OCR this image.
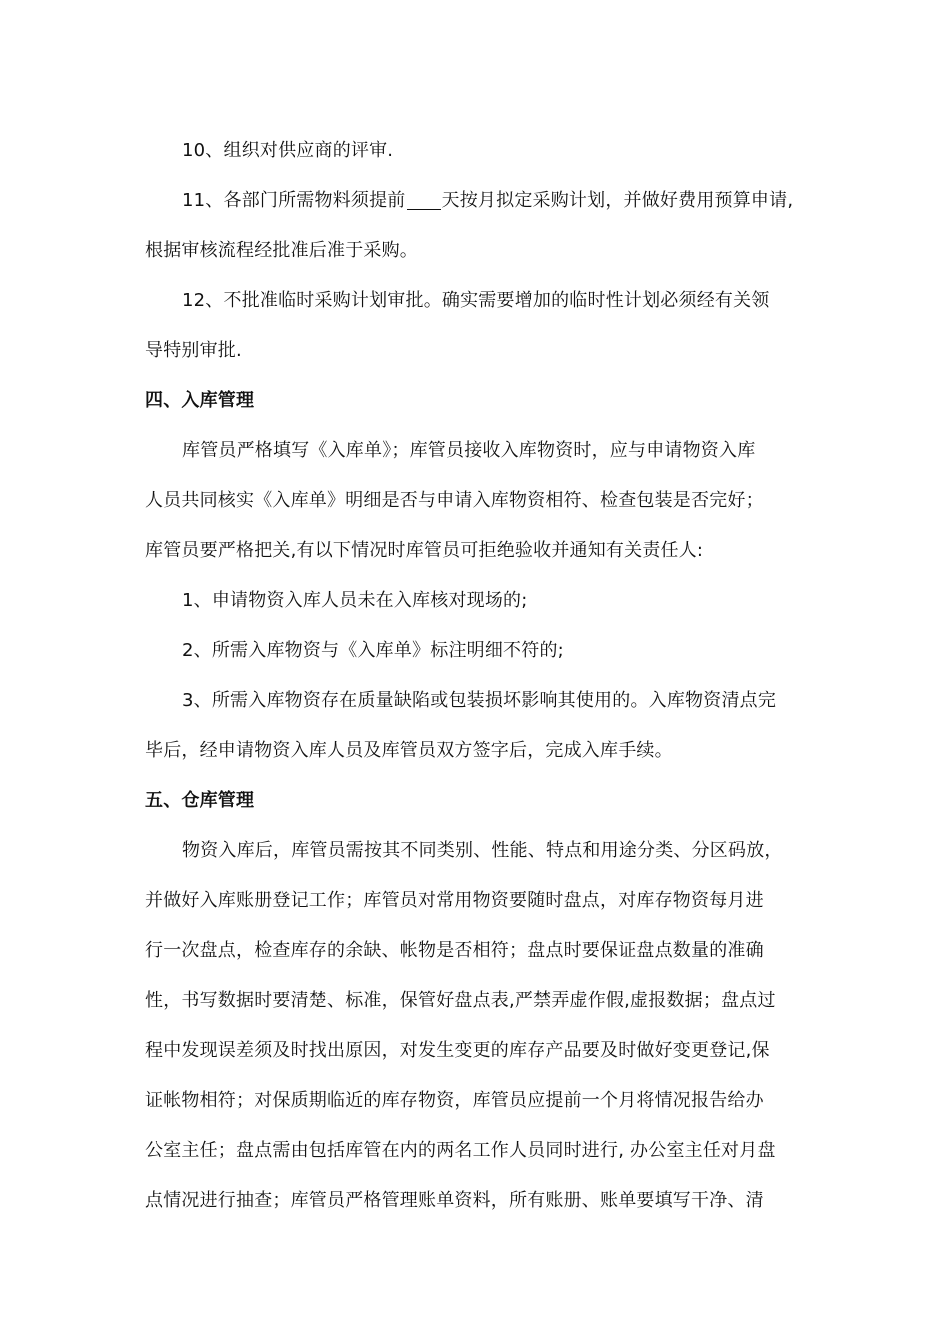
10、组织对供应商的评审.
11、各部门所需物料须提前 天按月拟定采购计划，并做好费用预算申请,
根据审核流程经批准后准于采购。
12、不批准临时采购计划审批。确实需要增加的临时性计划必须经有关领
导特别审批.
四、入库管理
库管员严格填写《入库单》；库管员接收入库物资时，应与申请物资入库
人员共同核实《入库单》明细是否与申请入库物资相符、检查包装是否完好；
库管员要严格把关,有以下情况时库管员可拒绝验收并通知有关责任人:
1、申请物资入库人员未在入库核对现场的;
2、所需入库物资与《入库单》标注明细不符的;
3、所需入库物资存在质量缺陷或包装损坏影响其使用的。入库物资清点完
毕后，经申请物资入库人员及库管员双方签字后，完成入库手续。
五、仓库管理
物资入库后，库管员需按其不同类别、性能、特点和用途分类、分区码放，
并做好入库账册登记工作；库管员对常用物资要随时盘点，对库存物资每月进
行一次盘点，检查库存的余缺、帐物是否相符；盘点时要保证盘点数量的准确
性，书写数据时要清楚、标准，保管好盘点表,严禁弄虚作假,虚报数据；盘点过
程中发现误差须及时找出原因，对发生变更的库存产品要及时做好变更登记,保
证帐物相符；对保质期临近的库存物资，库管员应提前一个月将情况报告给办
公室主任；盘点需由包括库管在内的两名工作人员同时进行, 办公室主任对月盘
点情况进行抽查；库管员严格管理账单资料，所有账册、账单要填写干净、清
